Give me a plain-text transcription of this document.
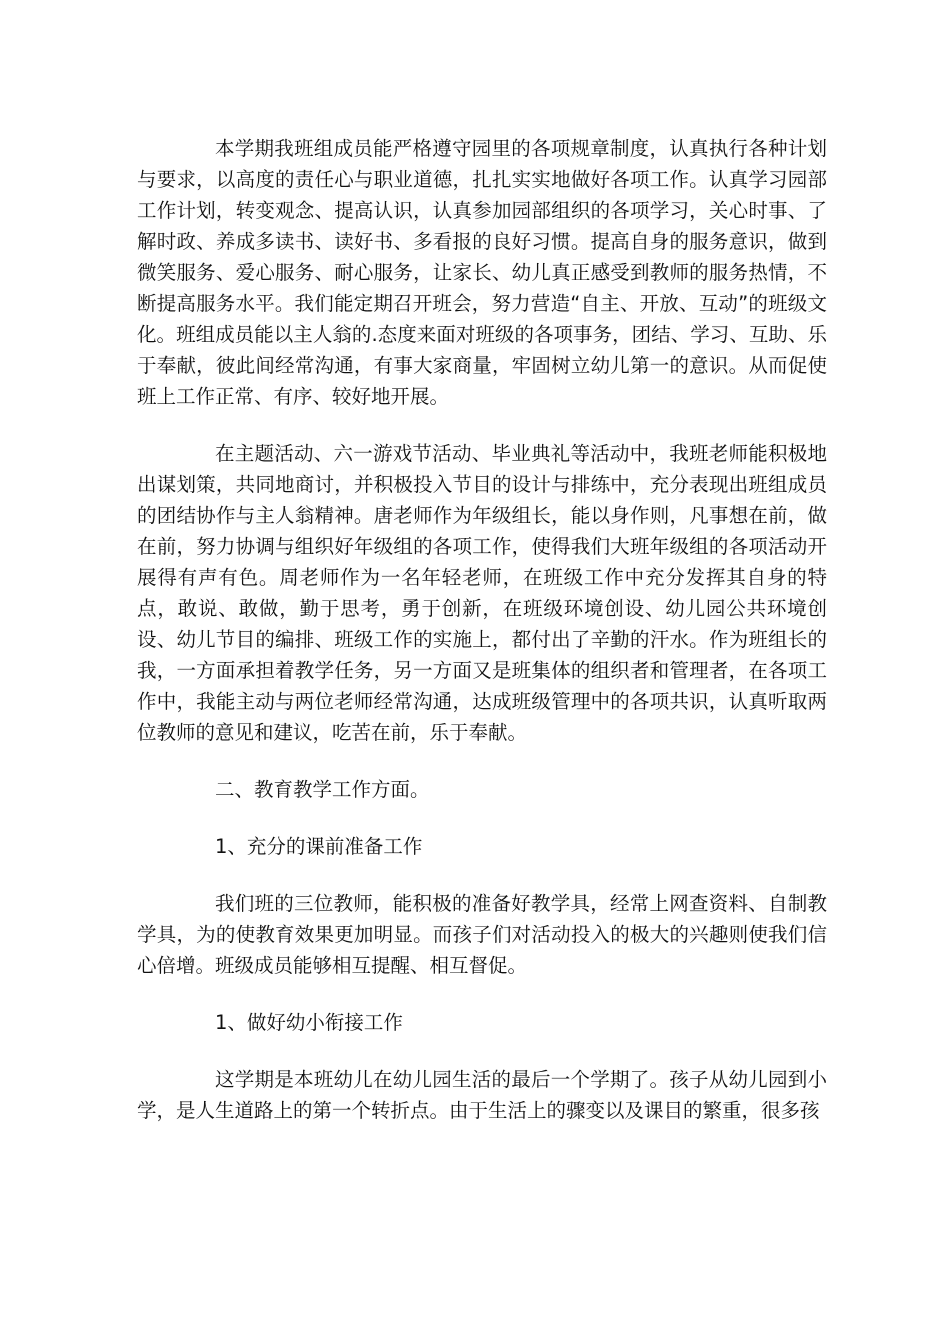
本学期我班组成员能严格遵守园里的各项规章制度，认真执行各种计划与要求，以高度的责任心与职业道德，扎扎实实地做好各项工作。认真学习园部工作计划，转变观念、提高认识，认真参加园部组织的各项学习，关心时事、了解时政、养成多读书、读好书、多看报的良好习惯。提高自身的服务意识，做到微笑服务、爱心服务、耐心服务，让家长、幼儿真正感受到教师的服务热情，不断提高服务水平。我们能定期召开班会，努力营造“自主、开放、互动”的班级文化。班组成员能以主人翁的.态度来面对班级的各项事务，团结、学习、互助、乐于奉献，彼此间经常沟通，有事大家商量，牢固树立幼儿第一的意识。从而促使班上工作正常、有序、较好地开展。

在主题活动、六一游戏节活动、毕业典礼等活动中，我班老师能积极地出谋划策，共同地商讨，并积极投入节目的设计与排练中，充分表现出班组成员的团结协作与主人翁精神。唐老师作为年级组长，能以身作则，凡事想在前，做在前，努力协调与组织好年级组的各项工作，使得我们大班年级组的各项活动开展得有声有色。周老师作为一名年轻老师，在班级工作中充分发挥其自身的特点，敢说、敢做，勤于思考，勇于创新，在班级环境创设、幼儿园公共环境创设、幼儿节目的编排、班级工作的实施上，都付出了辛勤的汗水。作为班组长的我，一方面承担着教学任务，另一方面又是班集体的组织者和管理者，在各项工作中，我能主动与两位老师经常沟通，达成班级管理中的各项共识，认真听取两位教师的意见和建议，吃苦在前，乐于奉献。

二、教育教学工作方面。

1、充分的课前准备工作

我们班的三位教师，能积极的准备好教学具，经常上网查资料、自制教学具，为的使教育效果更加明显。而孩子们对活动投入的极大的兴趣则使我们信心倍增。班级成员能够相互提醒、相互督促。

1、做好幼小衔接工作

这学期是本班幼儿在幼儿园生活的最后一个学期了。孩子从幼儿园到小学，是人生道路上的第一个转折点。由于生活上的骤变以及课目的繁重，很多孩
